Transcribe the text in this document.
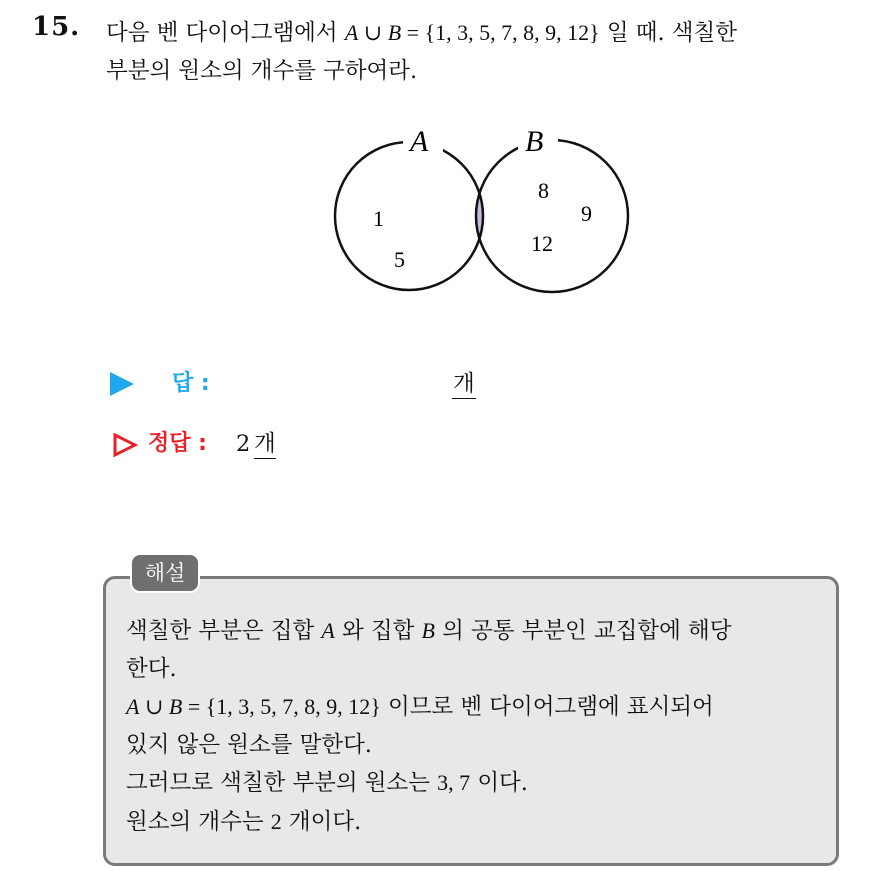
15. 다음 벤 다이어그램에서 A ∪ B = {1, 3, 5, 7, 8, 9, 12} 일 때. 색칠한
부분의 원소의 개수를 구하여라.
A	B
1
5
8
9
12
답 :	개
정답 : 2 개
해설
색칠한 부분은 집합 A 와 집합 B 의 공통 부분인 교집합에 해당
한다.
A ∪ B = {1, 3, 5, 7, 8, 9, 12} 이므로 벤 다이어그램에 표시되어
있지 않은 원소를 말한다.
그러므로 색칠한 부분의 원소는 3, 7 이다.
원소의 개수는 2 개이다.
